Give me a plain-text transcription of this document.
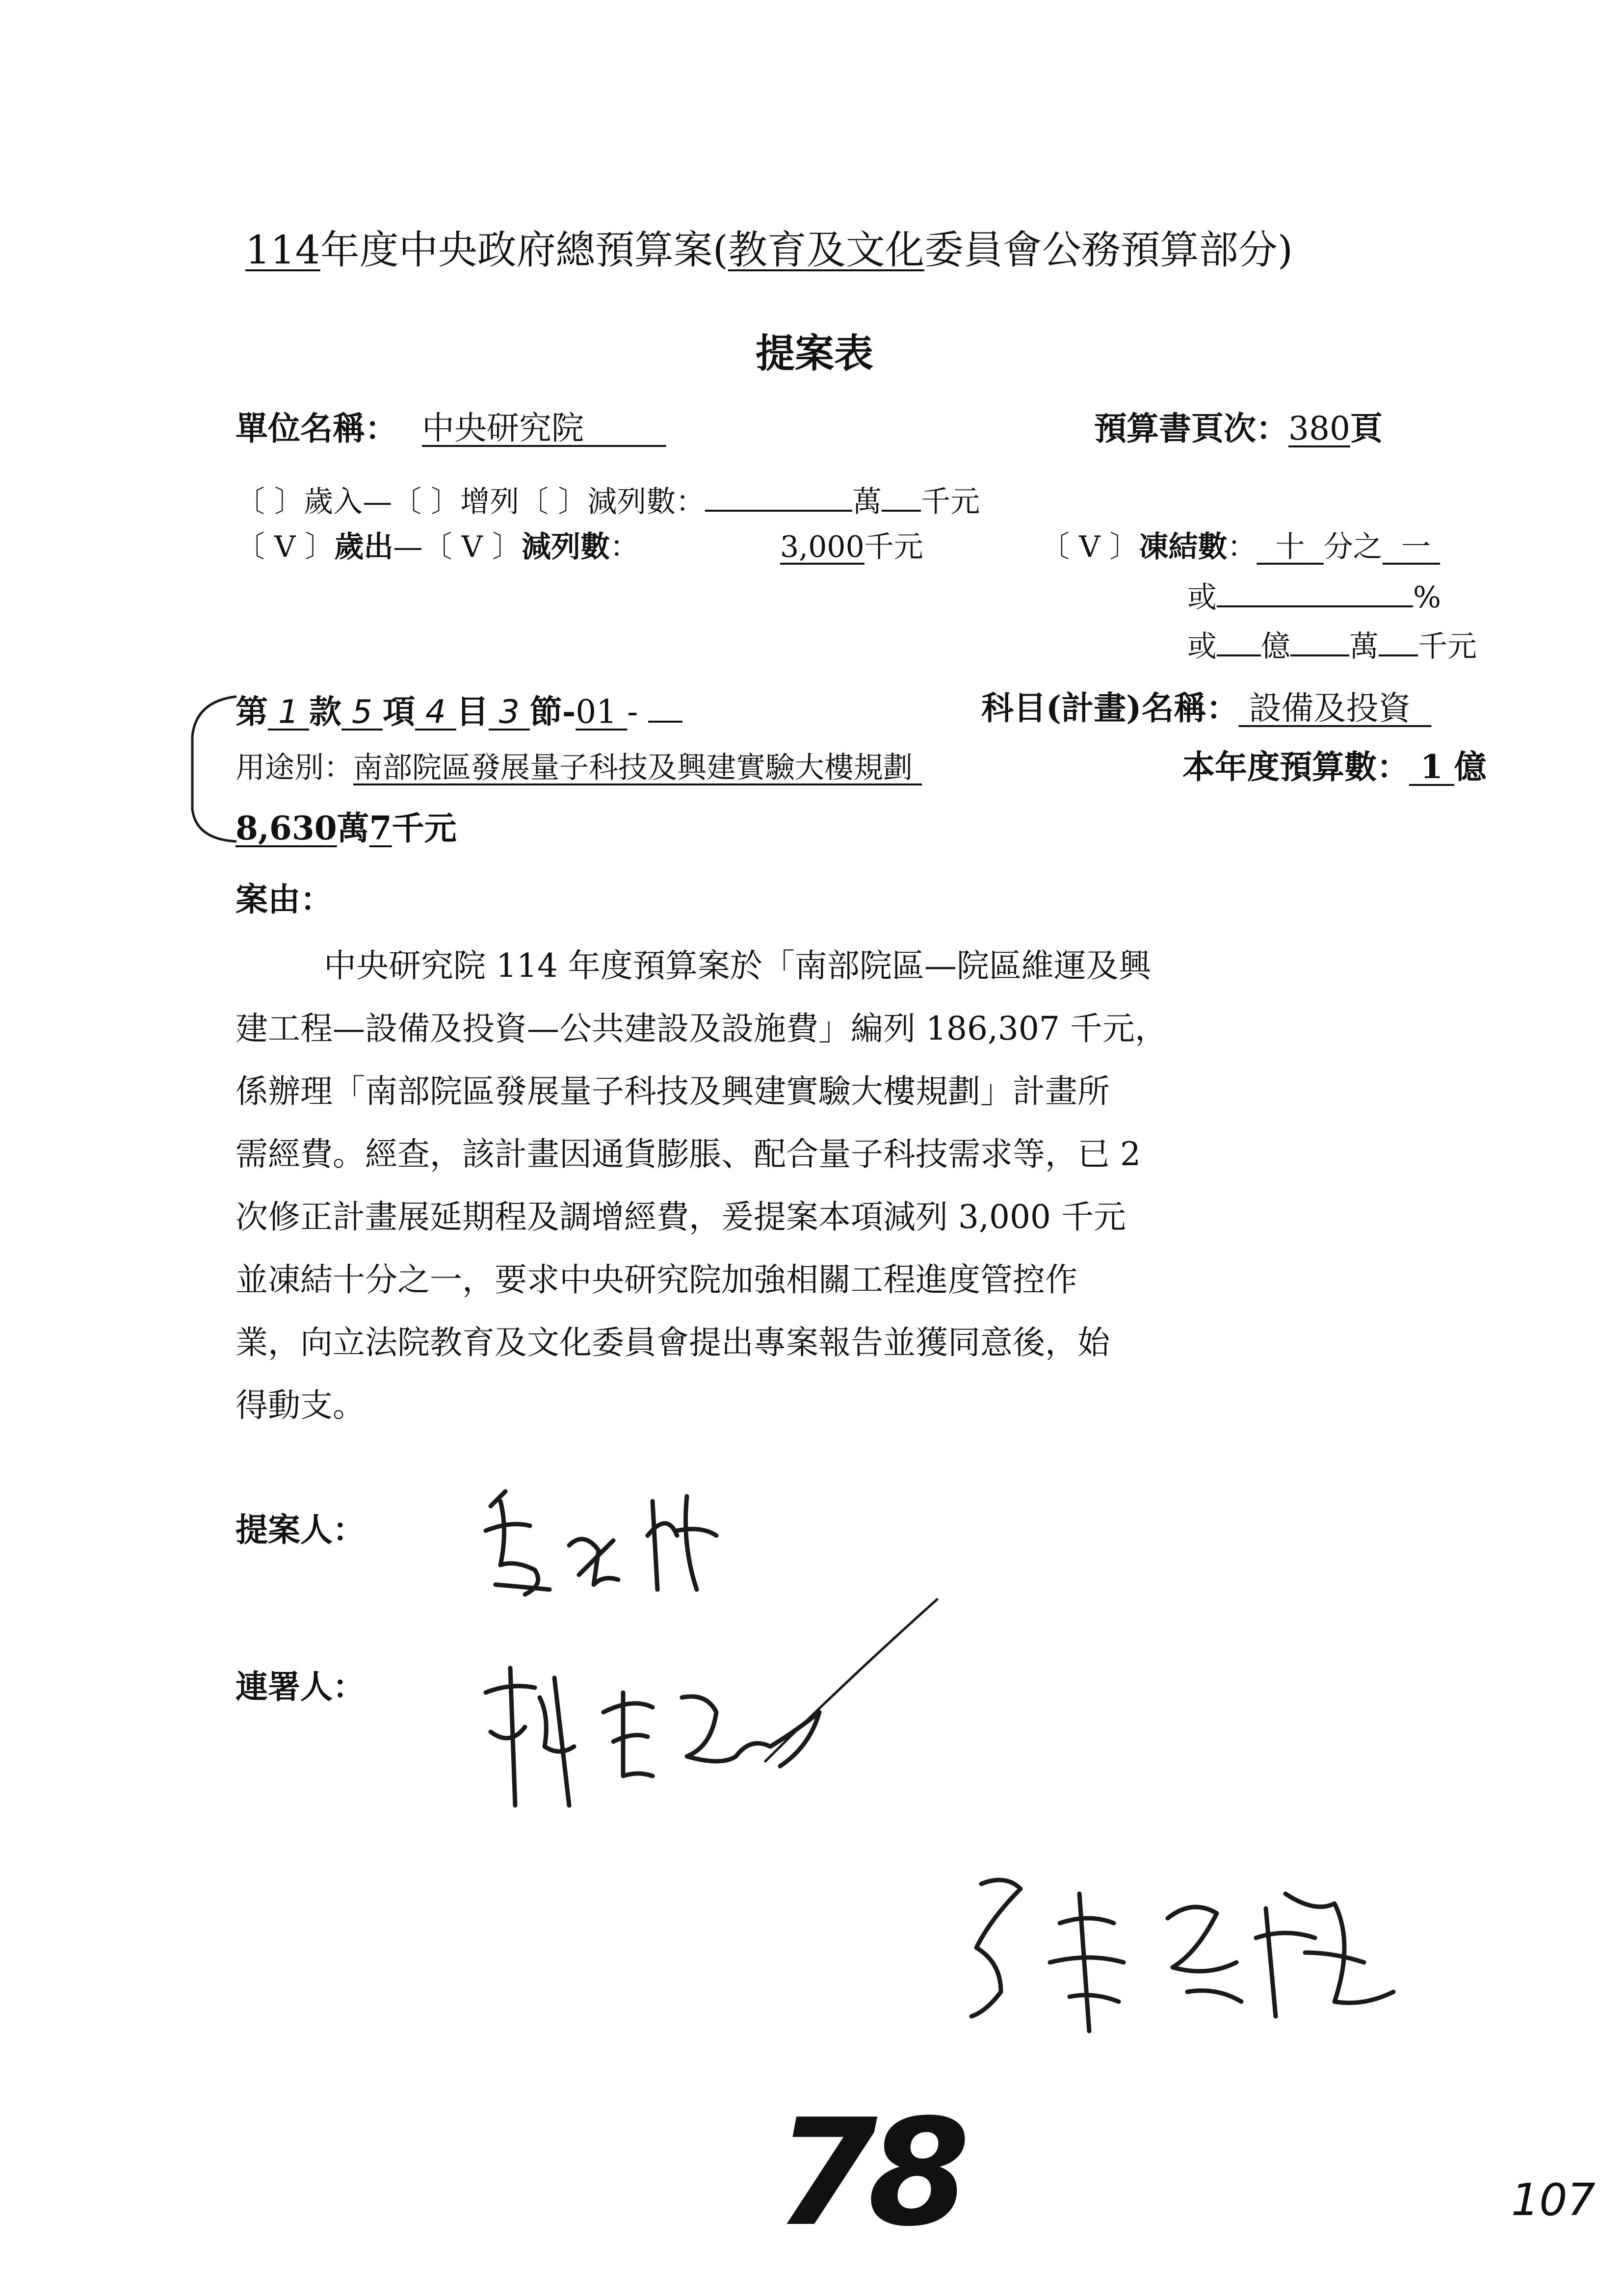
114年度中央政府總預算案(教育及文化委員會公務預算部分)
提案表
單位名稱： 中央研究院	預算書頁次：380頁
〔 〕歲入—〔 〕增列〔 〕減列數：	萬 千元
〔 V 〕歲出—〔 V 〕減列數：	3,000千元	〔 V 〕凍結數： 十 分之 一
或	%
或 億 萬 千元
第 1 款 5 項 4 目 3 節-01 -	科目(計畫)名稱： 設備及投資
用途別：南部院區發展量子科技及興建實驗大樓規劃	本年度預算數： 1 億
8,630萬7千元
案由：
中央研究院 114 年度預算案於「南部院區—院區維運及興
建工程—設備及投資—公共建設及設施費」編列 186,307 千元，
係辦理「南部院區發展量子科技及興建實驗大樓規劃」計畫所
需經費。經查，該計畫因通貨膨脹、配合量子科技需求等，已 2
次修正計畫展延期程及調增經費，爰提案本項減列 3,000 千元
並凍結十分之一，要求中央研究院加強相關工程進度管控作
業，向立法院教育及文化委員會提出專案報告並獲同意後，始
得動支。
提案人：
連署人：
78	107
